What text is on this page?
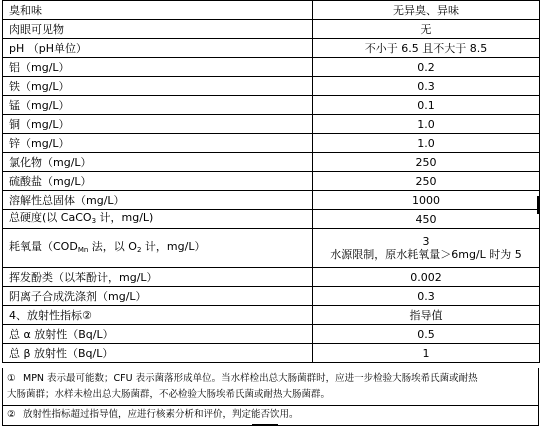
臭和味	无异臭、异味
肉眼可见物	无
pH （pH单位）	不小于 6.5 且不大于 8.5
铝（mg/L）	0.2
铁（mg/L）	0.3
锰（mg/L）	0.1
铜（mg/L）	1.0
锌（mg/L）	1.0
氯化物（mg/L）	250
硫酸盐（mg/L）	250
溶解性总固体（mg/L）	1000
总硬度(以 CaCO$_3$ 计，mg/L)	450
耗氧量（$COD_{Mn}$ 法，以 $O_2$ 计，mg/L）	3
水源限制，原水耗氧量＞6mg/L 时为 5

挥发酚类（以苯酚计，mg/L）	0.002
阴离子合成洗涤剂（mg/L）	0.3
4、放射性指标②	指导值
总 α 放射性（Bq/L）	0.5
总 β 放射性（Bq/L）	1
① MPN 表示最可能数；CFU 表示菌落形成单位。当水样检出总大肠菌群时，应进一步检验大肠埃希氏菌或耐热
大肠菌群；水样未检出总大肠菌群，不必检验大肠埃希氏菌或耐热大肠菌群。
② 放射性指标超过指导值，应进行核素分析和评价，判定能否饮用。
